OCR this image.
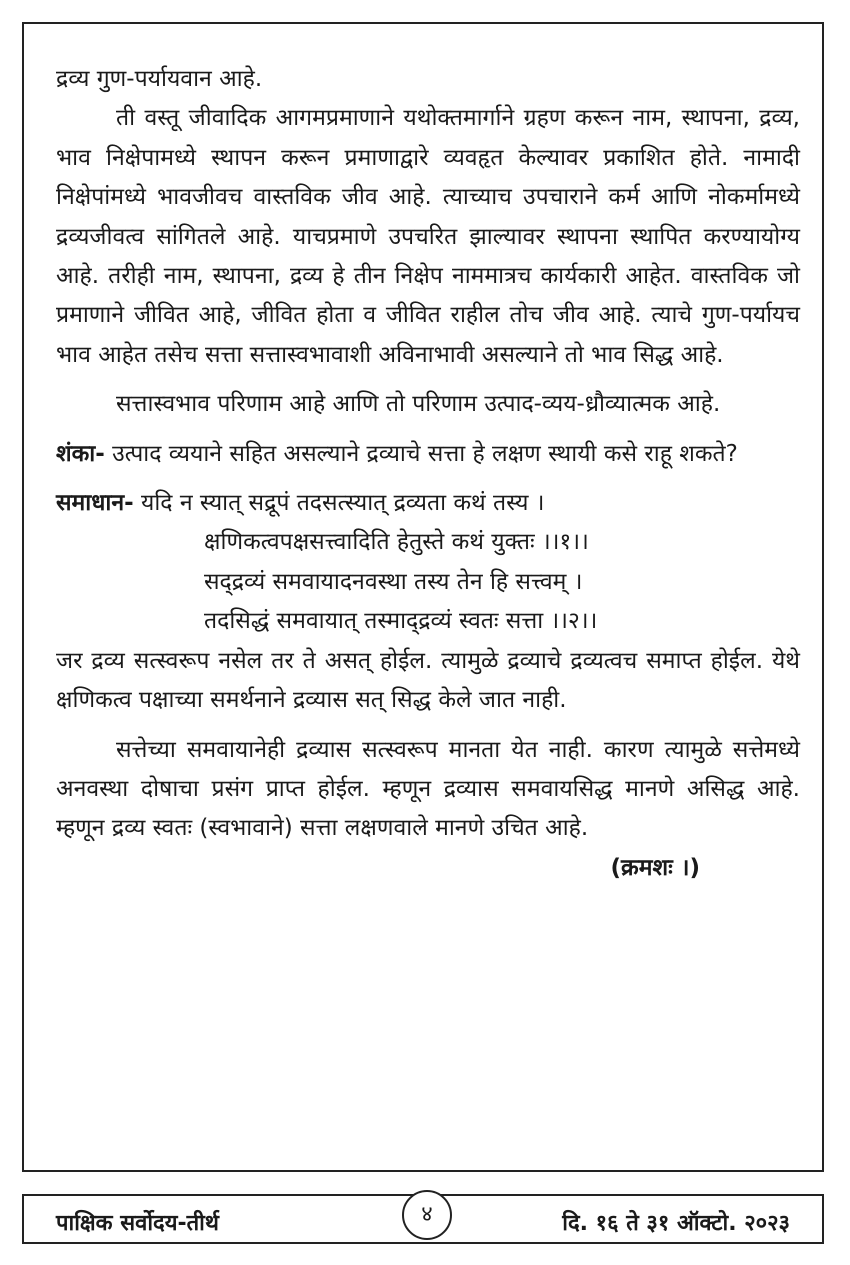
द्रव्य गुण-पर्यायवान आहे.

ती वस्तू जीवादिक आगमप्रमाणाने यथोक्तमार्गाने ग्रहण करून नाम, स्थापना, द्रव्य, भाव निक्षेपामध्ये स्थापन करून प्रमाणाद्वारे व्यवहृत केल्यावर प्रकाशित होते. नामादी निक्षेपांमध्ये भावजीवच वास्तविक जीव आहे. त्याच्याच उपचाराने कर्म आणि नोकर्मामध्ये द्रव्यजीवत्व सांगितले आहे. याचप्रमाणे उपचरित झाल्यावर स्थापना स्थापित करण्यायोग्य आहे. तरीही नाम, स्थापना, द्रव्य हे तीन निक्षेप नाममात्रच कार्यकारी आहेत. वास्तविक जो प्रमाणाने जीवित आहे, जीवित होता व जीवित राहील तोच जीव आहे. त्याचे गुण-पर्यायच भाव आहेत तसेच सत्ता सत्तास्वभावाशी अविनाभावी असल्याने तो भाव सिद्ध आहे.

सत्तास्वभाव परिणाम आहे आणि तो परिणाम उत्पाद-व्यय-ध्रौव्यात्मक आहे.

शंका- उत्पाद व्ययाने सहित असल्याने द्रव्याचे सत्ता हे लक्षण स्थायी कसे राहू शकते?

समाधान- यदि न स्यात् सद्रूपं तदसत्स्यात् द्रव्यता कथं तस्य ।

क्षणिकत्वपक्षसत्त्वादिति हेतुस्ते कथं युक्तः ।।१।।

सद्द्रव्यं समवायादनवस्था तस्य तेन हि सत्त्वम् ।

तदसिद्धं समवायात् तस्माद्द्रव्यं स्वतः सत्ता ।।२।।

जर द्रव्य सत्स्वरूप नसेल तर ते असत् होईल. त्यामुळे द्रव्याचे द्रव्यत्वच समाप्त होईल. येथे क्षणिकत्व पक्षाच्या समर्थनाने द्रव्यास सत् सिद्ध केले जात नाही.

सत्तेच्या समवायानेही द्रव्यास सत्स्वरूप मानता येत नाही. कारण त्यामुळे सत्तेमध्ये अनवस्था दोषाचा प्रसंग प्राप्त होईल. म्हणून द्रव्यास समवायसिद्ध मानणे असिद्ध आहे. म्हणून द्रव्य स्वतः (स्वभावाने) सत्ता लक्षणवाले मानणे उचित आहे.
(क्रमशः ।)

पाक्षिक सर्वोदय-तीर्थ	४	दि. १६ ते ३१ ऑक्टो. २०२३
